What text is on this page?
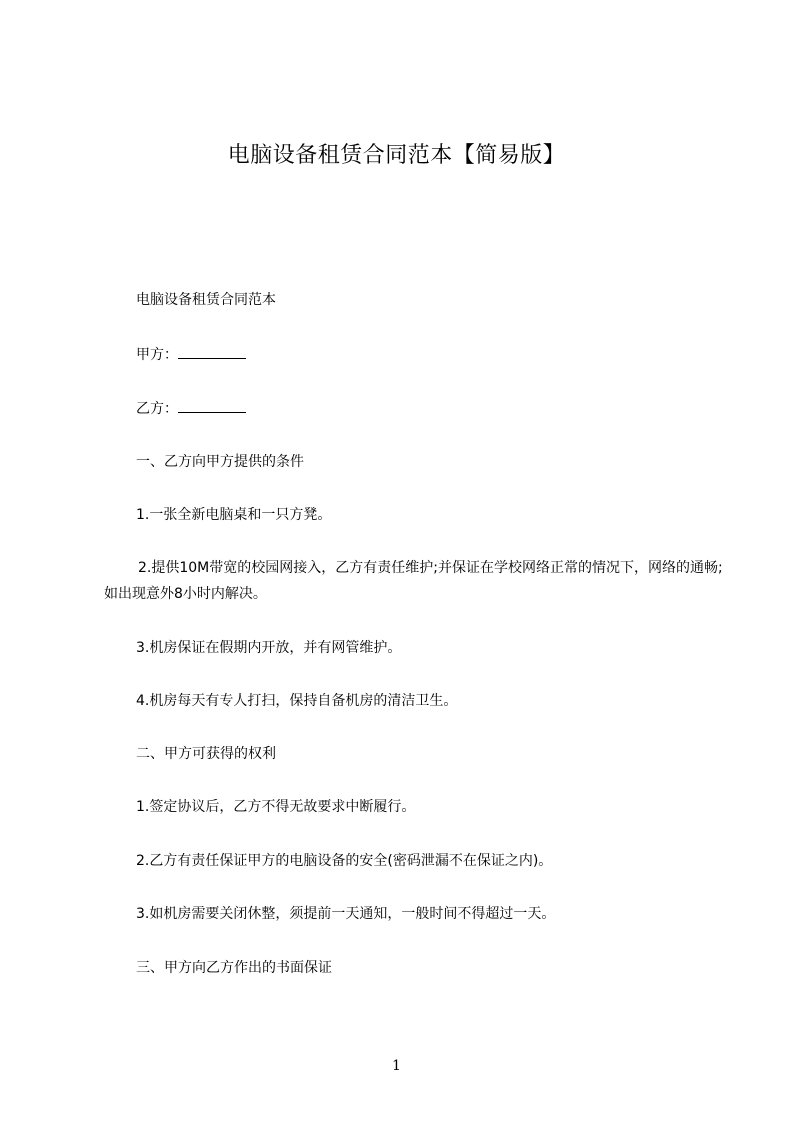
电脑设备租赁合同范本【简易版】
电脑设备租赁合同范本
甲方：
乙方：
一、乙方向甲方提供的条件
1.一张全新电脑桌和一只方凳。
2.提供10M带宽的校园网接入，乙方有责任维护;并保证在学校网络正常的情况下，网络的通畅;如出现意外8小时内解决。
3.机房保证在假期内开放，并有网管维护。
4.机房每天有专人打扫，保持自备机房的清洁卫生。
二、甲方可获得的权利
1.签定协议后，乙方不得无故要求中断履行。
2.乙方有责任保证甲方的电脑设备的安全(密码泄漏不在保证之内)。
3.如机房需要关闭休整，须提前一天通知，一般时间不得超过一天。
三、甲方向乙方作出的书面保证
1
